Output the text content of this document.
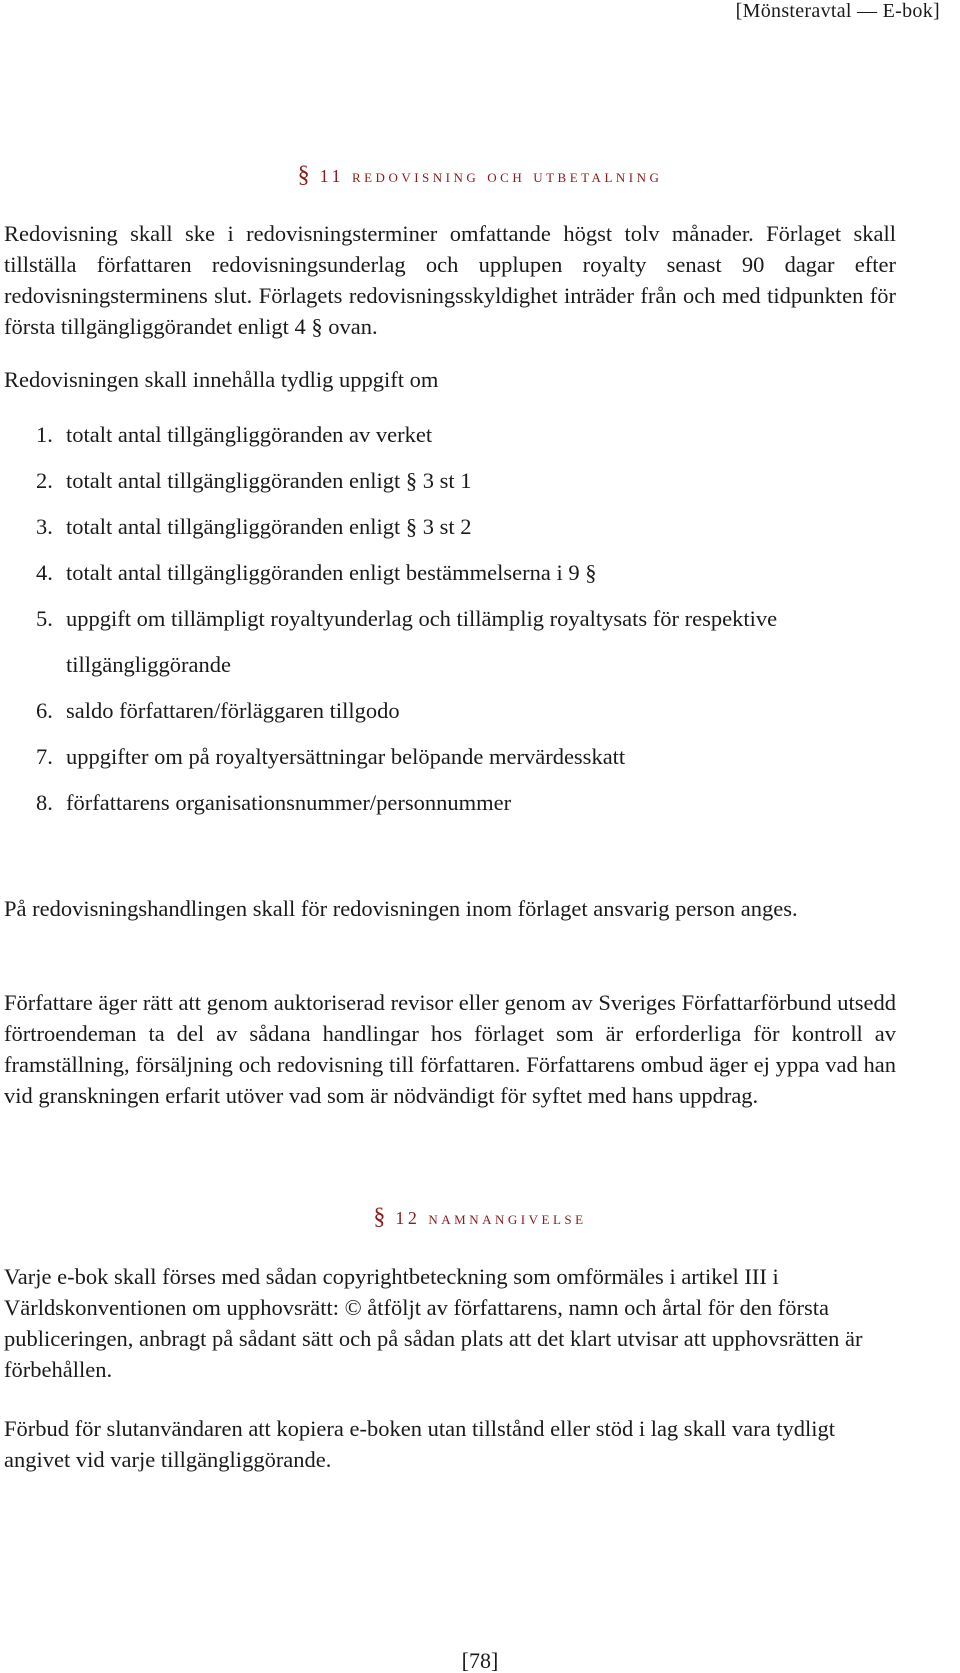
[Mönsteravtal — E-bok]
§ 11 redovisning och utbetalning

Redovisning skall ske i redovisningsterminer omfattande högst tolv månader. Förlaget skall tillställa författaren redovisningsunderlag och upplupen royalty senast 90 dagar efter redovisningsterminens slut. Förlagets redovisningsskyldighet inträder från och med tidpunkten för första tillgängliggörandet enligt 4 § ovan.

Redovisningen skall innehålla tydlig uppgift om

1. totalt antal tillgängliggöranden av verket
2. totalt antal tillgängliggöranden enligt § 3 st 1
3. totalt antal tillgängliggöranden enligt § 3 st 2
4. totalt antal tillgängliggöranden enligt bestämmelserna i 9 §
5. uppgift om tillämpligt royaltyunderlag och tillämplig royaltysats för respektive tillgängliggörande
6. saldo författaren/förläggaren tillgodo
7. uppgifter om på royaltyersättningar belöpande mervärdesskatt
8. författarens organisationsnummer/personnummer

På redovisningshandlingen skall för redovisningen inom förlaget ansvarig person anges.

Författare äger rätt att genom auktoriserad revisor eller genom av Sveriges Författarförbund utsedd förtroendeman ta del av sådana handlingar hos förlaget som är erforderliga för kontroll av framställning, försäljning och redovisning till författaren. Författarens ombud äger ej yppa vad han vid granskningen erfarit utöver vad som är nödvändigt för syftet med hans uppdrag.

§ 12 namnangivelse

Varje e-bok skall förses med sådan copyrightbeteckning som omförmäles i artikel III i Världskonventionen om upphovsrätt: © åtföljt av författarens, namn och årtal för den första publiceringen, anbragt på sådant sätt och på sådan plats att det klart utvisar att upphovsrätten är förbehållen.

Förbud för slutanvändaren att kopiera e-boken utan tillstånd eller stöd i lag skall vara tydligt angivet vid varje tillgängliggörande.

[78]
